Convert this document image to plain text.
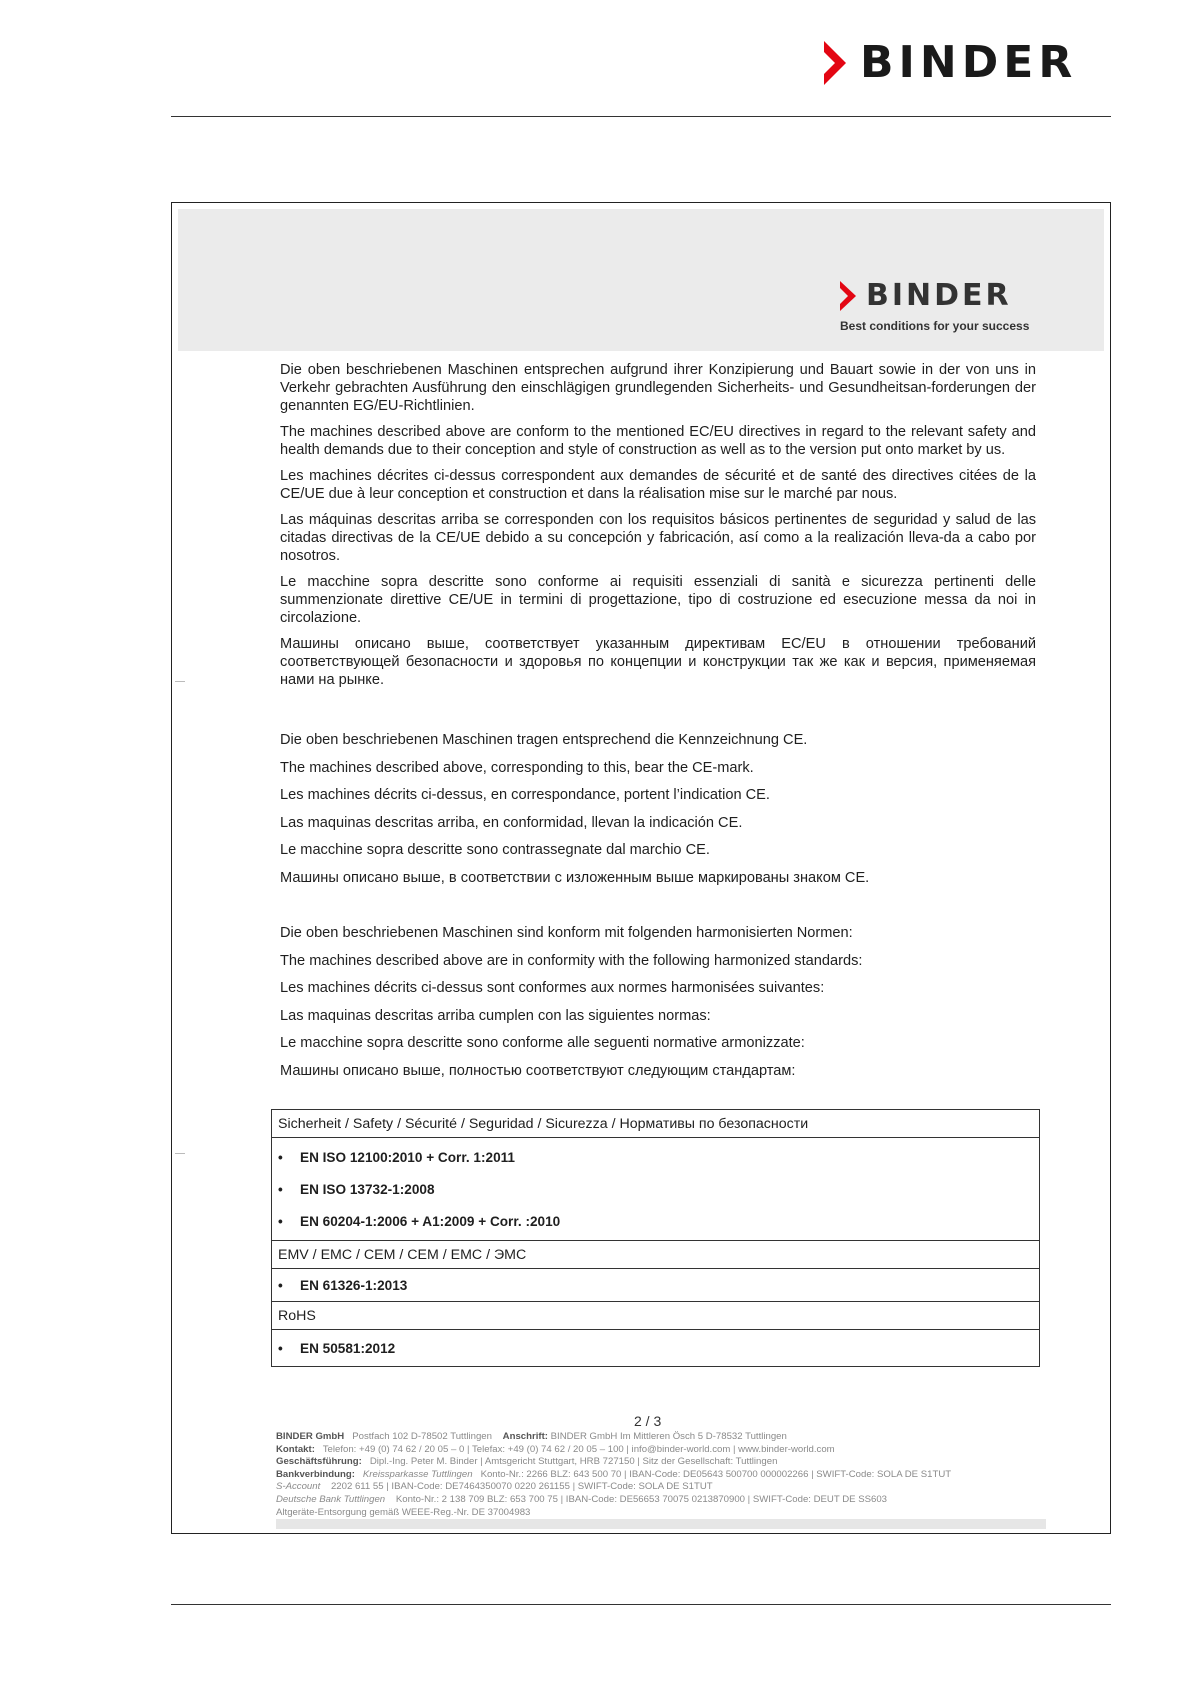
BINDER
BINDER
Best conditions for your success

Die oben beschriebenen Maschinen entsprechen aufgrund ihrer Konzipierung und Bauart sowie in der von uns in Verkehr gebrachten Ausführung den einschlägigen grundlegenden Sicherheits- und Gesundheitsan-forderungen der genannten EG/EU-Richtlinien.

The machines described above are conform to the mentioned EC/EU directives in regard to the relevant safety and health demands due to their conception and style of construction as well as to the version put onto market by us.

Les machines décrites ci-dessus correspondent aux demandes de sécurité et de santé des directives citées de la CE/UE due à leur conception et construction et dans la réalisation mise sur le marché par nous.

Las máquinas descritas arriba se corresponden con los requisitos básicos pertinentes de seguridad y salud de las citadas directivas de la CE/UE debido a su concepción y fabricación, así como a la realización lleva-da a cabo por nosotros.

Le macchine sopra descritte sono conforme ai requisiti essenziali di sanità e sicurezza pertinenti delle summenzionate direttive CE/UE in termini di progettazione, tipo di costruzione ed esecuzione messa da noi in circolazione.

Машины описано выше, соответствует указанным директивам EC/EU в отношении требований соответствующей безопасности и здоровья по концепции и конструкции так же как и версия, применяемая нами на рынке.

Die oben beschriebenen Maschinen tragen entsprechend die Kennzeichnung CE.

The machines described above, corresponding to this, bear the CE-mark.

Les machines décrits ci-dessus, en correspondance, portent l’indication CE.

Las maquinas descritas arriba, en conformidad, llevan la indicación CE.

Le macchine sopra descritte sono contrassegnate dal marchio CE.

Машины описано выше, в соответствии с изложенным выше маркированы знаком CE.

Die oben beschriebenen Maschinen sind konform mit folgenden harmonisierten Normen:

The machines described above are in conformity with the following harmonized standards:

Les machines décrits ci-dessus sont conformes aux normes harmonisées suivantes:

Las maquinas descritas arriba cumplen con las siguientes normas:

Le macchine sopra descritte sono conforme alle seguenti normative armonizzate:

Машины описано выше, полностью соответствуют следующим стандартам:

Sicherheit / Safety / Sécurité / Seguridad / Sicurezza / Нормативы по безопасности
•	EN ISO 12100:2010 + Corr. 1:2011
•	EN ISO 13732-1:2008
•	EN 60204-1:2006 + A1:2009 + Corr. :2010
EMV / EMC / CEM / CEM / EMC / ЭМС
•	EN 61326-1:2013
RoHS
•	EN 50581:2012
2 / 3
BINDER GmbH Postfach 102 D-78502 Tuttlingen Anschrift: BINDER GmbH Im Mittleren Ösch 5 D-78532 Tuttlingen
Kontakt: Telefon: +49 (0) 74 62 / 20 05 – 0 | Telefax: +49 (0) 74 62 / 20 05 – 100 | info@binder-world.com | www.binder-world.com
Geschäftsführung: Dipl.-Ing. Peter M. Binder | Amtsgericht Stuttgart, HRB 727150 | Sitz der Gesellschaft: Tuttlingen
Bankverbindung: Kreissparkasse Tuttlingen Konto-Nr.: 2266 BLZ: 643 500 70 | IBAN-Code: DE05643 500700 000002266 | SWIFT-Code: SOLA DE S1TUT
S-Account 2202 611 55 | IBAN-Code: DE7464350070 0220 261155 | SWIFT-Code: SOLA DE S1TUT
Deutsche Bank Tuttlingen Konto-Nr.: 2 138 709 BLZ: 653 700 75 | IBAN-Code: DE56653 70075 0213870900 | SWIFT-Code: DEUT DE SS603
Altgeräte-Entsorgung gemäß WEEE-Reg.-Nr. DE 37004983
